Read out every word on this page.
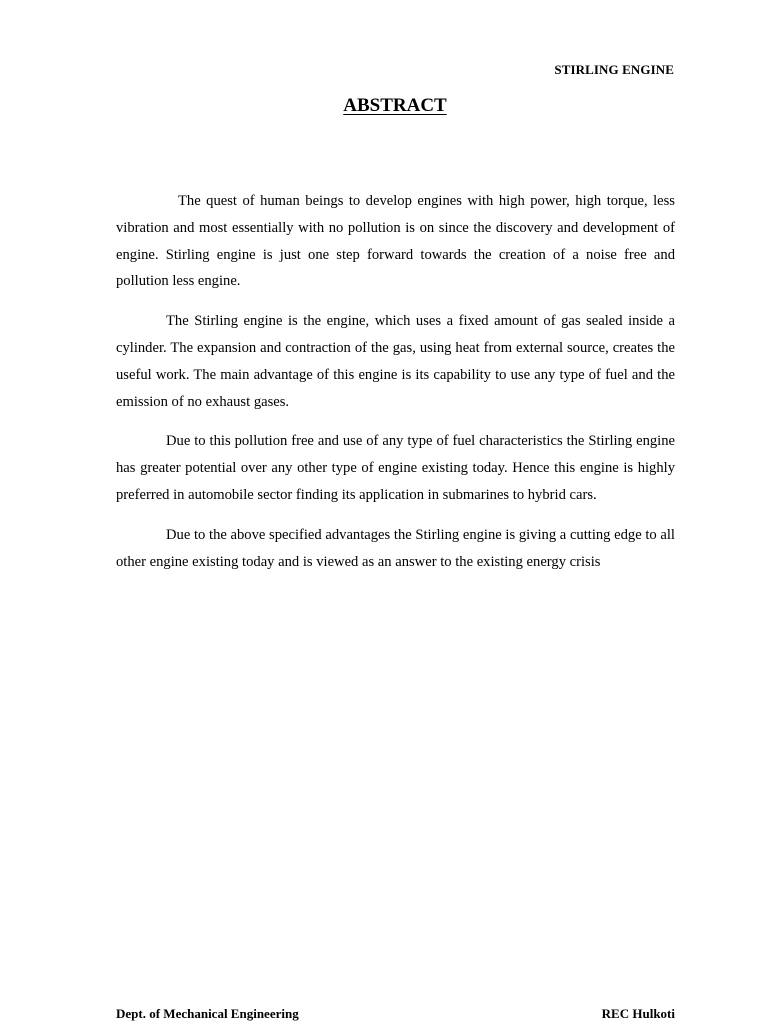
STIRLING ENGINE
ABSTRACT

The quest of human beings to develop engines with high power, high torque, less vibration and most essentially with no pollution is on since the discovery and development of engine. Stirling engine is just one step forward towards the creation of a noise free and pollution less engine.

The Stirling engine is the engine, which uses a fixed amount of gas sealed inside a cylinder. The expansion and contraction of the gas, using heat from external source, creates the useful work. The main advantage of this engine is its capability to use any type of fuel and the emission of no exhaust gases.

Due to this pollution free and use of any type of fuel characteristics the Stirling engine has greater potential over any other type of engine existing today. Hence this engine is highly preferred in automobile sector finding its application in submarines to hybrid cars.

Due to the above specified advantages the Stirling engine is giving a cutting edge to all other engine existing today and is viewed as an answer to the existing energy crisis

Dept. of Mechanical Engineering	REC Hulkoti
